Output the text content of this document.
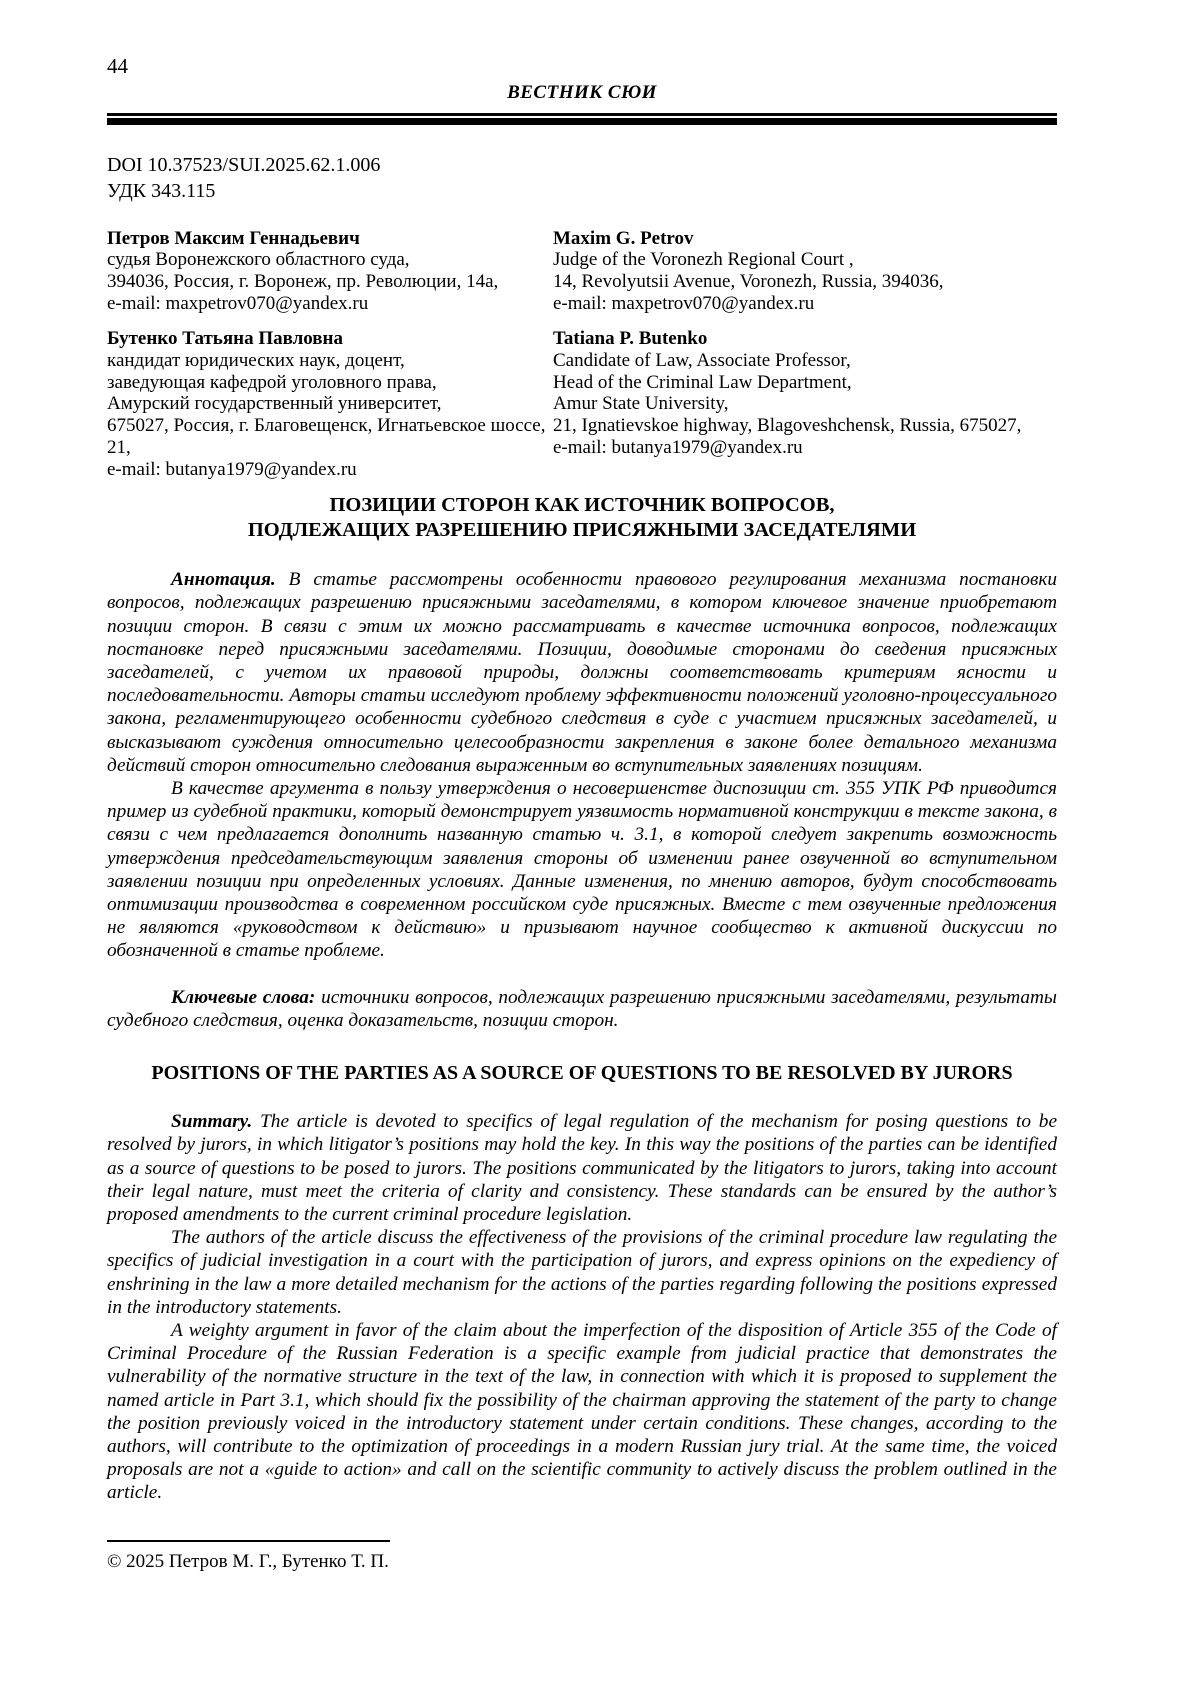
44
ВЕСТНИК СЮИ
DOI 10.37523/SUI.2025.62.1.006
УДК 343.115
Петров Максим Геннадьевич
судья Воронежского областного суда,
394036, Россия, г. Воронеж, пр. Революции, 14а,
e-mail: maxpetrov070@yandex.ru
Maxim G. Petrov
Judge of the Voronezh Regional Court ,
14, Revolyutsii Avenue, Voronezh, Russia, 394036,
e-mail: maxpetrov070@yandex.ru
Бутенко Татьяна Павловна
кандидат юридических наук, доцент,
заведующая кафедрой уголовного права,
Амурский государственный университет,
675027, Россия, г. Благовещенск, Игнатьевское шоссе, 21,
e-mail: butanya1979@yandex.ru
Tatiana P. Butenko
Candidate of Law, Associate Professor,
Head of the Criminal Law Department,
Amur State University,
21, Ignatievskoe highway, Blagoveshchensk, Russia, 675027,
e-mail: butanya1979@yandex.ru
ПОЗИЦИИ СТОРОН КАК ИСТОЧНИК ВОПРОСОВ,
ПОДЛЕЖАЩИХ РАЗРЕШЕНИЮ ПРИСЯЖНЫМИ ЗАСЕДАТЕЛЯМИ

Аннотация. В статье рассмотрены особенности правового регулирования механизма постановки вопросов, подлежащих разрешению присяжными заседателями, в котором ключевое значение приобретают позиции сторон. В связи с этим их можно рассматривать в качестве источника вопросов, подлежащих постановке перед присяжными заседателями. Позиции, доводимые сторонами до сведения присяжных заседателей, с учетом их правовой природы, должны соответствовать критериям ясности и последовательности. Авторы статьи исследуют проблему эффективности положений уголовно-процессуального закона, регламентирующего особенности судебного следствия в суде с участием присяжных заседателей, и высказывают суждения относительно целесообразности закрепления в законе более детального механизма действий сторон относительно следования выраженным во вступительных заявлениях позициям.

В качестве аргумента в пользу утверждения о несовершенстве диспозиции ст. 355 УПК РФ приводится пример из судебной практики, который демонстрирует уязвимость нормативной конструкции в тексте закона, в связи с чем предлагается дополнить названную статью ч. 3.1, в которой следует закрепить возможность утверждения председательствующим заявления стороны об изменении ранее озвученной во вступительном заявлении позиции при определенных условиях. Данные изменения, по мнению авторов, будут способствовать оптимизации производства в современном российском суде присяжных. Вместе с тем озвученные предложения не являются «руководством к действию» и призывают научное сообщество к активной дискуссии по обозначенной в статье проблеме.

Ключевые слова: источники вопросов, подлежащих разрешению присяжными заседателями, результаты судебного следствия, оценка доказательств, позиции сторон.

POSITIONS OF THE PARTIES AS A SOURCE OF QUESTIONS TO BE RESOLVED BY JURORS

Summary. The article is devoted to specifics of legal regulation of the mechanism for posing questions to be resolved by jurors, in which litigator’s positions may hold the key. In this way the positions of the parties can be identified as a source of questions to be posed to jurors. The positions communicated by the litigators to jurors, taking into account their legal nature, must meet the criteria of clarity and consistency. These standards can be ensured by the author’s proposed amendments to the current criminal procedure legislation.

The authors of the article discuss the effectiveness of the provisions of the criminal procedure law regulating the specifics of judicial investigation in a court with the participation of jurors, and express opinions on the expediency of enshrining in the law a more detailed mechanism for the actions of the parties regarding following the positions expressed in the introductory statements.

A weighty argument in favor of the claim about the imperfection of the disposition of Article 355 of the Code of Criminal Procedure of the Russian Federation is a specific example from judicial practice that demonstrates the vulnerability of the normative structure in the text of the law, in connection with which it is proposed to supplement the named article in Part 3.1, which should fix the possibility of the chairman approving the statement of the party to change the position previously voiced in the introductory statement under certain conditions. These changes, according to the authors, will contribute to the optimization of proceedings in a modern Russian jury trial. At the same time, the voiced proposals are not a «guide to action» and call on the scientific community to actively discuss the problem outlined in the article.

© 2025 Петров М. Г., Бутенко Т. П.
